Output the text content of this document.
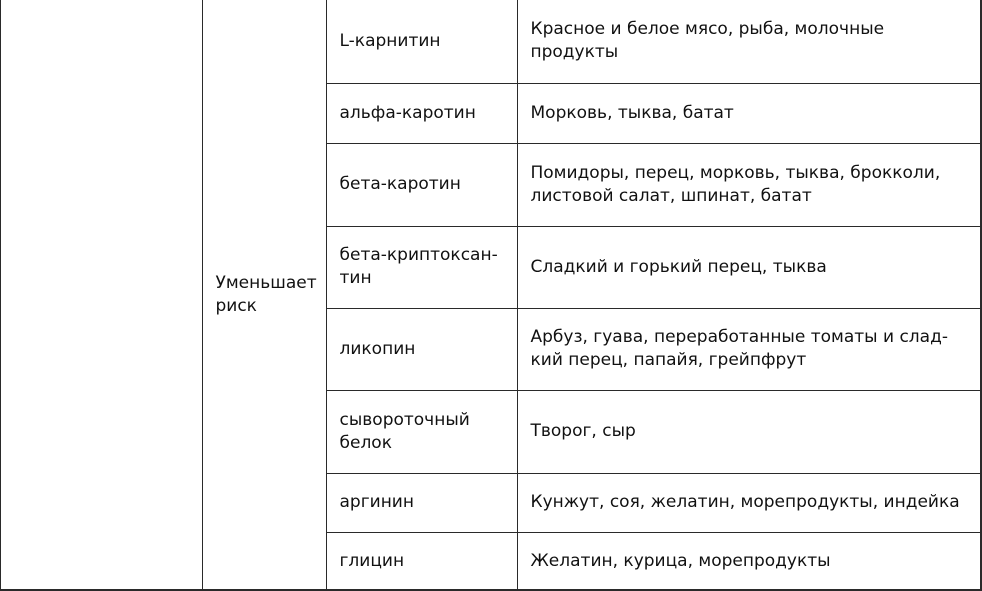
	Уменьшает риск	L-карнитин	Красное и белое мясо, рыба, молочные продукты
		альфа-каротин	Морковь, тыква, батат
		бета-каротин	Помидоры, перец, морковь, тыква, брокколи, листовой салат, шпинат, батат
		бета-криптоксан-тин	Сладкий и горький перец, тыква
		ликопин	Арбуз, гуава, переработанные томаты и слад-кий перец, папайя, грейпфрут
		сывороточный белок	Творог, сыр
		аргинин	Кунжут, соя, желатин, морепродукты, индейка
		глицин	Желатин, курица, морепродукты
